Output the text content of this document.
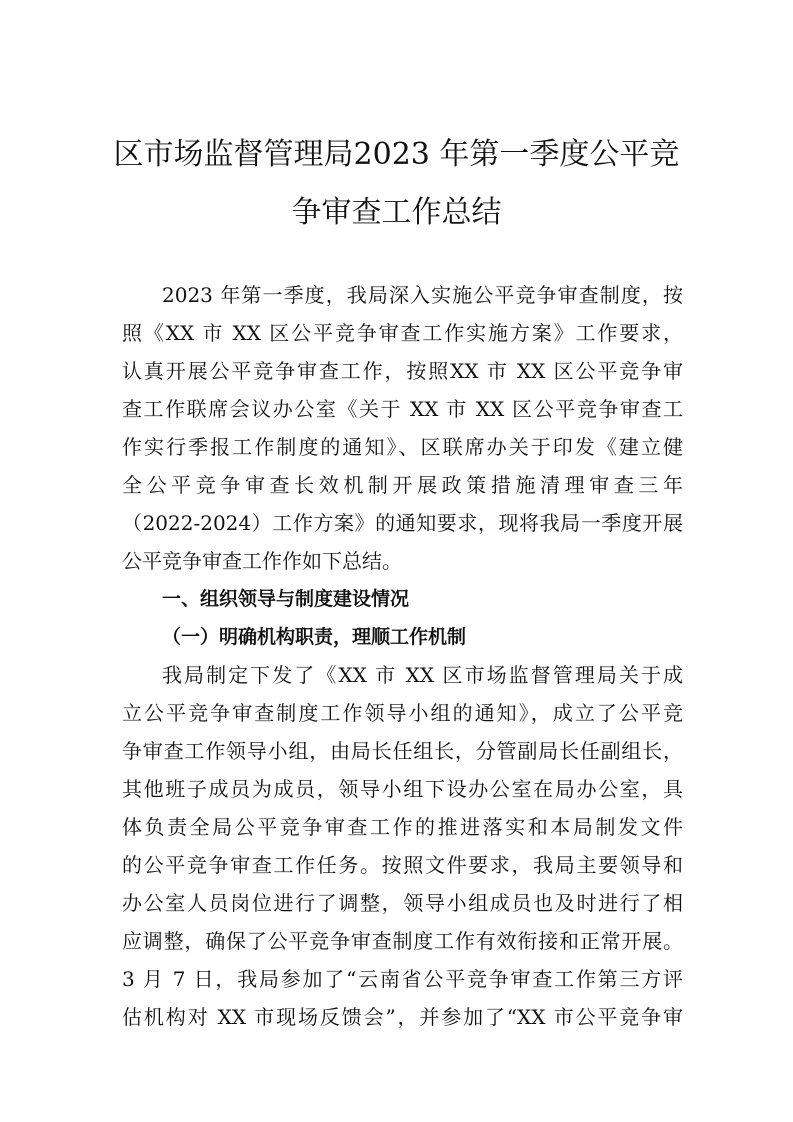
区市场监督管理局2023 年第一季度公平竞
争审查工作总结
2023 年第一季度，我局深入实施公平竞争审查制度，按
照《XX 市 XX 区公平竞争审查工作实施方案》工作要求，
认真开展公平竞争审查工作，按照XX 市 XX 区公平竞争审
查工作联席会议办公室《关于 XX 市 XX 区公平竞争审查工
作实行季报工作制度的通知》、区联席办关于印发《建立健
全公平竞争审查长效机制开展政策措施清理审查三年
（2022-2024）工作方案》的通知要求，现将我局一季度开展
公平竞争审查工作作如下总结。
一、组织领导与制度建设情况
（一）明确机构职责，理顺工作机制
我局制定下发了《XX 市 XX 区市场监督管理局关于成
立公平竞争审查制度工作领导小组的通知》，成立了公平竞
争审查工作领导小组，由局长任组长，分管副局长任副组长，
其他班子成员为成员，领导小组下设办公室在局办公室，具
体负责全局公平竞争审查工作的推进落实和本局制发文件
的公平竞争审查工作任务。按照文件要求，我局主要领导和
办公室人员岗位进行了调整，领导小组成员也及时进行了相
应调整，确保了公平竞争审查制度工作有效衔接和正常开展。
3 月 7 日，我局参加了“云南省公平竞争审查工作第三方评
估机构对 XX 市现场反馈会”，并参加了“XX 市公平竞争审
